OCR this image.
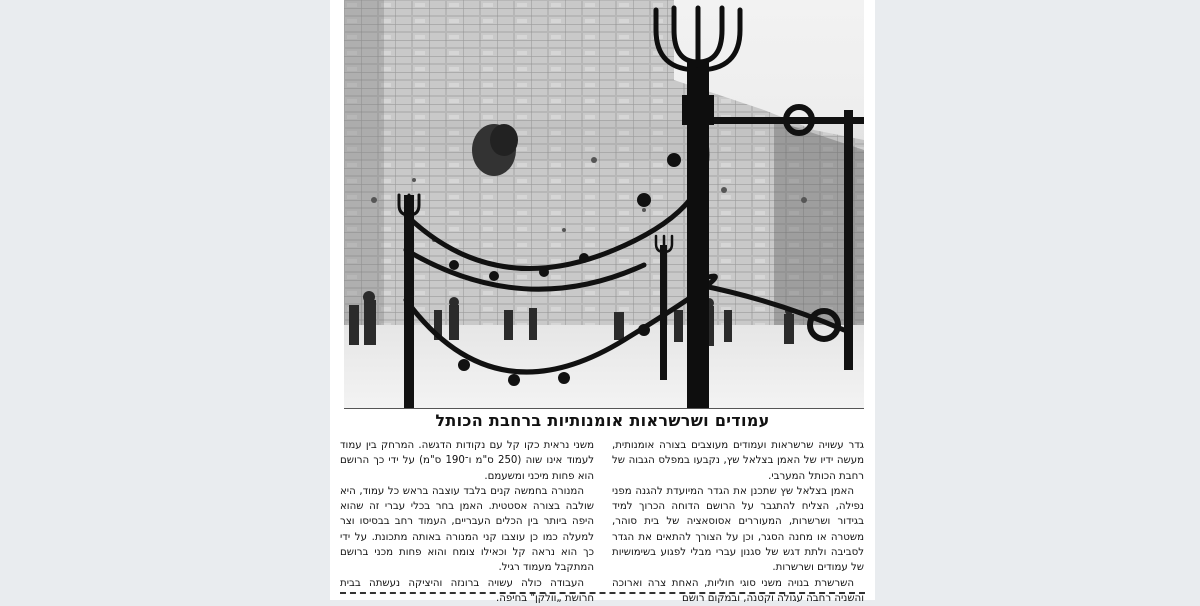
עמודים ושרשראות אומנותיות ברחבת הכותל

גדר עשויה שרשראות ועמודים מעוצבים בצורה אומנותית, מעשה ידיו של האמן בצלאל שץ, נקבעו במפלס הגבוה של רחבת הכותל המערבי.

האמן בצלאל שץ שתכנן את הגדר המיועדת להגנה מפני נפילה, הצליח להתגבר על הרושם הדוחה הכרוך למיד בגידור ושרשרות, המעוררים אסוסאציה של בית סוהר, משטרה או מחנה הסגר, וכן על הצורך להתאים את הגדר לסביבה ולתת דגש של סגנון עברי מבלי לפגוע בשימושיות של עמודים ושרשרות.

השרשרת בנויה משני סוגי חוליות, האחת צרה וארוכה והשניה רחבה עגולה וקטנה, ובמקום רושם

משני נראית כקו קל עם נקודות הדגשה. המרחק בין עמוד לעמוד אינו שוה (250 ס"מ ו־190 ס"מ) על ידי כך הרושם הוא פחות מיכני ומשעמם.

המנורה בחמשה קנים בלבד עוצבה בראש כל עמוד, היא שולבה בצורה אסטטית. האמן בחר בכלי עברי זה שהוא היפה ביותר בין הכלים העבריים, העמוד רחב בבסיסו וצר למעלה כמו כן עוצבו קני המנורה באותה מתכונת. על ידי כך הוא נראה קל וכאילו צומח והוא פחות מכני ברושם המתקבל מעמוד רגיל.

העבודה כולה עשויה ברונזה והיציקה נעשתה בבית חרושת „וולקן" בחיפה.
